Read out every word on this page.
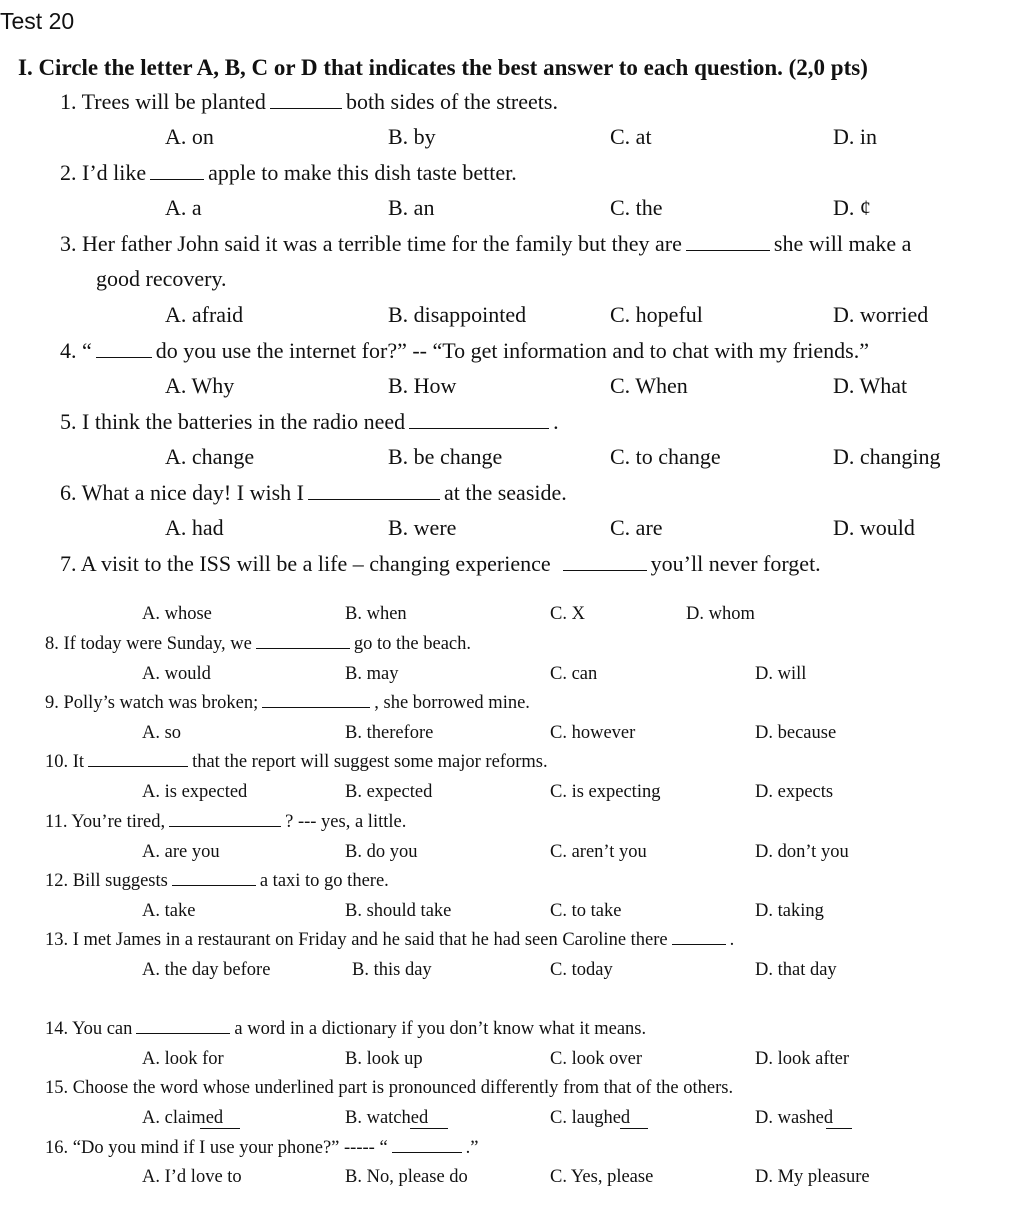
Test 20
I. Circle the letter A, B, C or D that indicates the best answer to each question. (2,0 pts)
1. Trees will be planted	both sides of the streets.
A. on	B. by	C. at	D. in
2. I’d like	apple to make this dish taste better.
A. a	B. an	C. the	D. ¢
3. Her father John said it was a terrible time for the family but they are	she will make a
good recovery.
A. afraid	B. disappointed	C. hopeful	D. worried
4. “	do you use the internet for?” -- “To get information and to chat with my friends.”
A. Why	B. How	C. When	D. What
5. I think the batteries in the radio need	.
A. change	B. be change	C. to change	D. changing
6. What a nice day! I wish I	at the seaside.
A. had	B. were	C. are	D. would
7. A visit to the ISS will be a life – changing experience	you’ll never forget.
A. whose	B. when	C. X	D. whom
8. If today were Sunday, we	go to the beach.
A. would	B. may	C. can	D. will
9. Polly’s watch was broken;	, she borrowed mine.
A. so	B. therefore	C. however	D. because
10. It	that the report will suggest some major reforms.
A. is expected	B. expected	C. is expecting	D. expects
11. You’re tired,	? --- yes, a little.
A. are you	B. do you	C. aren’t you	D. don’t you
12. Bill suggests	a taxi to go there.
A. take	B. should take	C. to take	D. taking
13. I met James in a restaurant on Friday and he said that he had seen Caroline there	.
A. the day before	B. this day	C. today	D. that day
14. You can	a word in a dictionary if you don’t know what it means.
A. look for	B. look up	C. look over	D. look after
15. Choose the word whose underlined part is pronounced differently from that of the others.
A. claimed	B. watched	C. laughed	D. washed
16. “Do you mind if I use your phone?” ----- “	.”
A. I’d love to	B. No, please do	C. Yes, please	D. My pleasure
